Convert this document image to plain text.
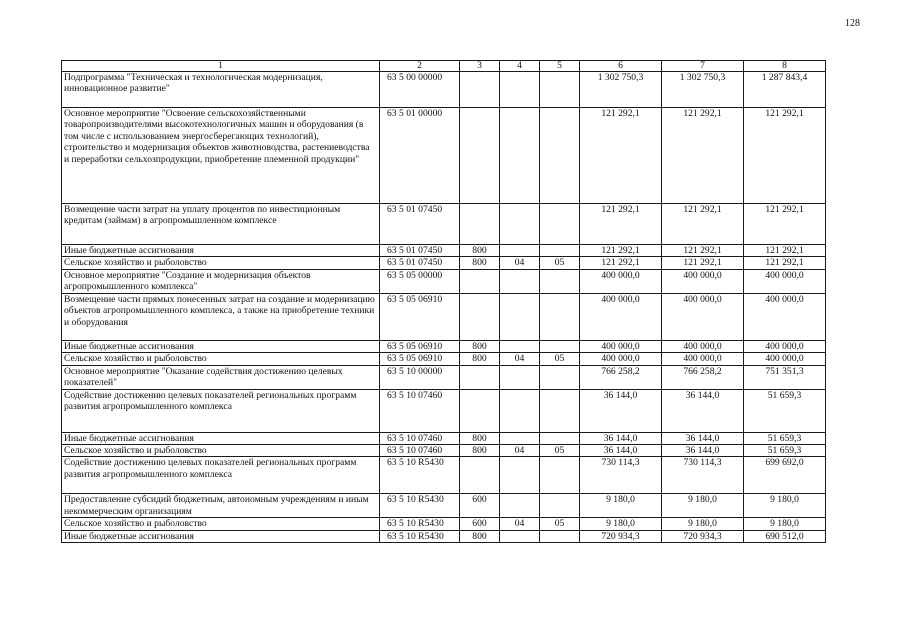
128
1	2	3	4	5	6	7	8
Подпрограмма "Техническая и технологическая модернизация, инновационное развитие"	63 5 00 00000				1 302 750,3	1 302 750,3	1 287 843,4
Основное мероприятие "Освоение сельскохозяйственными товаропроизводителями высокотехнологичных машин и оборудования (в том числе с использованием энергосберегающих технологий), строительство и модернизация объектов животноводства, растениеводства и переработки сельхозпродукции, приобретение племенной продукции"	63 5 01 00000				121 292,1	121 292,1	121 292,1
Возмещение части затрат на уплату процентов по инвестиционным кредитам (займам) в агропромышленном комплексе	63 5 01 07450				121 292,1	121 292,1	121 292,1
Иные бюджетные ассигнования	63 5 01 07450	800			121 292,1	121 292,1	121 292,1
Сельское хозяйство и рыболовство	63 5 01 07450	800	04	05	121 292,1	121 292,1	121 292,1
Основное мероприятие "Создание и модернизация объектов агропромышленного комплекса"	63 5 05 00000				400 000,0	400 000,0	400 000,0
Возмещение части прямых понесенных затрат на создание и модернизацию объектов агропромышленного комплекса, а также на приобретение техники и оборудования	63 5 05 06910				400 000,0	400 000,0	400 000,0
Иные бюджетные ассигнования	63 5 05 06910	800			400 000,0	400 000,0	400 000,0
Сельское хозяйство и рыболовство	63 5 05 06910	800	04	05	400 000,0	400 000,0	400 000,0
Основное мероприятие "Оказание содействия достижению целевых показателей"	63 5 10 00000				766 258,2	766 258,2	751 351,3
Содействие достижению целевых показателей региональных программ развития агропромышленного комплекса	63 5 10 07460				36 144,0	36 144,0	51 659,3
Иные бюджетные ассигнования	63 5 10 07460	800			36 144,0	36 144,0	51 659,3
Сельское хозяйство и рыболовство	63 5 10 07460	800	04	05	36 144,0	36 144,0	51 659,3
Содействие достижению целевых показателей региональных программ развития агропромышленного комплекса	63 5 10 R5430				730 114,3	730 114,3	699 692,0
Предоставление субсидий бюджетным, автономным учреждениям и иным некоммерческим организациям	63 5 10 R5430	600			9 180,0	9 180,0	9 180,0
Сельское хозяйство и рыболовство	63 5 10 R5430	600	04	05	9 180,0	9 180,0	9 180,0
Иные бюджетные ассигнования	63 5 10 R5430	800			720 934,3	720 934,3	690 512,0
